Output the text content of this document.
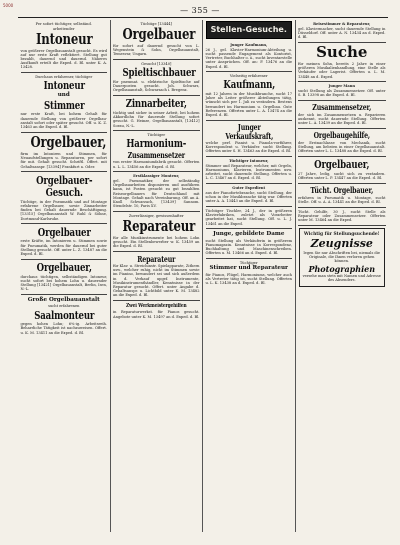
5000
— 355 —
Per sofort tüchtiger, selbständ.
arbeitender
Intoneur
von größerer Orgelbauanstalt gesucht. Es wird auf nur erste Kraft reflektiert. Stellung gut bezahlt, dauernd und dauernd. Näheres Ausfkunft erteilt die Exped. d. Bl. unter K. A. 13428.
Durchaus erfahrener, tüchtiger
Intoneur
und
Stimmer
nur erste Kraft, bei hohem Gehalt für dauernde Stellung von größerer Orgelbau-anstalt sofort oder später gesucht. Off. u. K. Z. 13463 an die Exped. d. Bl.
Orgelbauer,
firm im Intoniren und Stimmen, für Neuaufstellungen u. Reparaturen, per sofort für mit. Gehalt gesucht. Schriftl. Offert. mit Gehaltsanspr. [13394] Frankfurt a. Oder.
Orgelbauer-
Gesuch.
Tüchtige, in der Pneumatik und auf Montage erfahrene Orgelbauer, sowie Zinnarbeiter finden bei Gehalt dauernde Beschäftigung. [13315] Orgelbauanstalt W. Ruhl & Söhne, Dortmund-Karlsruhe.
Orgelbauer
erste Kräfte, im Intonieren u. Stimmen sowie für Pneumatik, werden für dauernd bei guter Stellung gesucht. Off. unter L. Z. 13487 an die Exped. d. Bl.
Orgelbauer,
durchaus tüchtigen, selbständigen Intoneur, sucht sofort bei hohem Lohn u. dauernder Stellung [13421] Orgelbauanstalt, Berlin, Isen, N.-L.
Große Orgelbauanstalt
sucht erfahrenen
Saalmonteur
gegen hohen Lohn; 6%-ig. Arbeitsreih. Beharrliche Tätigkeit ist nachzuweisen. Offert. u. K. M. 13411 an die Exped. d. Bl.
Tüchtige [13444]
Orgelbauer
für sofort auf dauernd gesucht von L. Wegenstein & Sohn, Orgelbauanstalt, Temesvar, Ungarn.
Gesucht [13340]
Spieltischbauer
für pneumat. u. elektrische Spieltische auf Dauerposten gesucht. Joh. Schwarz, Orgelbauanstalt, Schwarzach i. Bregenz.
Zinnarbeiter,
tüchtig und sicher in seiner Arbeit, bei hohem Akkordlohn für dauernde Stellung sofort gesucht. G. Heinze, Orgelbauanstalt, [13412] Sorau, N.-L.
Tüchtiger
Harmonium-
Zusammensetzer
von erster Harmoniumfabrik gesucht. Offerten u. L. L. 13456 an die Exped. d. Bl.
Erstklassiger Monteur,
gel. Pneumatiker, der selbständig Orgelbauarbeiten disponieren und ausführen kann, ist Posten gesucht zu gut bezahlten Reiseorgelbauers für Deutschland mit Montage. Gehalt nach Vereinbarung. Off. an A. Knoll Schwarzach, [13439] Sannom. Stendelstr. 10, Paris XV.
Zuverlässiger, gewissenhafter
Reparateur
für alle Musikinstrumente bei hohem Lohn gesucht. Ein Stellenbewerber w. K. 13459 an die Exped. d. Bl.
Reparateur
für Klav. u. Streichinstr. Spielapparate, Zithern usw., welcher ruhig, nicht im Stimmen sowie im Pianino, bewandert sei und sich außerdem in d. Verkauf upgef. Instrumente, Musikinstrumenthändler, Kenntnisse in der Reparatur gesucht. Offert. unter Angabe d. Gehaltsanspr. u. Lichtbild unter K. M. 13482 an die Exped. d. Bl.
Zwei Werkmeistergehilfen
in Reparaturwerkst. für Pianos gesucht. Angebote unter K. M. 13497 an d. Exped. d. Bl.
Stellen-Gesuche.
Junger Kaufmann,
26 J., gel. Klavier-Harmonium-Abteilung u. sucht passende Engagement als Kontorist, Vertreter, Buchhalter o. ä., sucht Inventarstelle unter Ansprüchen. Off. an: F. 13476 an die Exped. d. Bl.
Vielseitig erfahrener
Kaufmann,
mit 12 Jahren in der Musikbranche, sucht 17 Jahre als Leiter größerer Abteilungen tätig, wünscht sich per 1. Juli zu verändern. Bestens bewandert im Harmonium u. Orgelbau. Gute Referenzen. Offerten unter L. A. 13474 an die Exped. d. Bl.
Junger Verkaufskraft,
welche perf. Pianist u. Pianola-vorführer, Korrespondent u. Verkäufer. sucht Stellung. Offerten unter S. H. 13463 an die Exped. d. Bl.
Tüchtiger Intoneur,
Stimmer und Reparateur, welcher, mit Orgeln, Harmoniums, Klavieren, Instrumenten usw. arbeitet, sucht dauernde Stellung. Offerten u. L. C. 13467 an d. Exped. d. Bl.
Guter Expedient
aus der Pianofortebranche, sucht Stellung, der schon in der Musikbranche tätig war. Offerten unter A. A. 13443 an die Exped. d. Bl.
Tüchtiger Tischler, 24 J., der in größeren Klavierfabriken, zuletzt als Vorarbeiter gearbeitet hat, sucht Stellung. Off. u. L. J. 13461 an die Exped.
Junge, gebildete Dame
sucht Stellung als Verkäuferin in größerem Pianomagazin. Kenntnisse in Korrespondenz, Buchhaltung und Maschinenschreiben. Offerten u. M. 13466 an d. Exped. d. Bl.
Tüchtiger
Stimmer und Reparateur
für Pianos, Flügel, Harmoniums, welcher auch als Vertreter tätig ist, sucht Stellung. Offerten u. L. K. 13438 an d. Exped. d. Bl.
Reisestimmer & Reparateur,
gel. Klaviermacher, sucht dauernde Stellung in Düsseldorf. Off. unter A. N. 13434 an d. Exped. d. Bl.
Suche
für meinen Sohn, bereits 2 Jahre in einer größeren Musikalienhandlung, eine Stelle als Verkäufer oder Lagerist. Offerten u. L. M. 13448 an d. Exped.
Junger Mann
sucht Stellung als Zusammensetzer. Off. unter S. B. 13398 an die Exped. d. Bl.
Zusammensetzer,
der sich im Zusammensetzen u. Reparieren auskennt, sucht dauernde Stellung. Offerten unter L. A. 13439 an die Exped. d. Bl.
Orgelbaugehilfe,
der Erstnachlasse von Mechanik, sucht Stellung, am liebsten in einer Orgelbauanstalt. Offerten unter L. L. 13488 an die Exped. d. Bl.
Orgelbauer,
27 Jahre, ledig, sucht sich zu verändern. Offerten unter L. P. 13447 an die Exped. d. Bl.
Tücht. Orgelbauer,
erfahren in Pneumatik u. Montage, sucht Stelle. Off. u. A. A. 13441 an die Exped. d. Bl.
Tücht. Gehilfe, 30 J., sucht Stelle als Reparateur oder Zusammensetzer. Offerten unter M. 13464 an die Exped.
Wichtig für Stellungsuchende!
Zeugnisse
legen Sie nur Abschriften bei, niemals die Originale, die Ihnen verloren gehen können.
Photographien
versehe man stets mit Namen und Adresse des Absenders.
